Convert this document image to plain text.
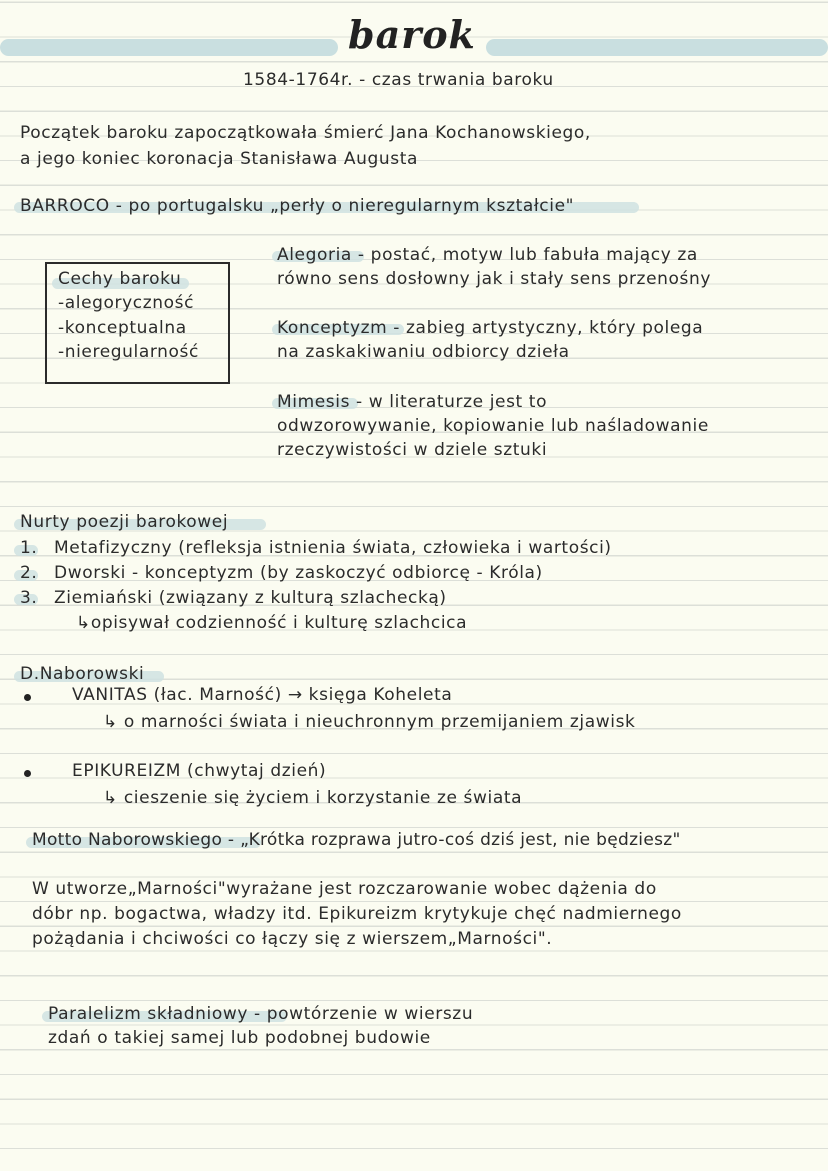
barok
1584-1764r. - czas trwania baroku
Początek baroku zapoczątkowała śmierć Jana Kochanowskiego,
a jego koniec koronacja Stanisława Augusta
BARROCO - po portugalsku „perły o nieregularnym kształcie"
Cechy baroku
-alegoryczność
-konceptualna
-nieregularność
Alegoria - postać, motyw lub fabuła mający za
równo sens dosłowny jak i stały sens przenośny
Konceptyzm - zabieg artystyczny, który polega
na zaskakiwaniu odbiorcy dzieła
Mimesis - w literaturze jest to
odwzorowywanie, kopiowanie lub naśladowanie
rzeczywistości w dziele sztuki
Nurty poezji barokowej
1. Metafizyczny (refleksja istnienia świata, człowieka i wartości)
2. Dworski - konceptyzm (by zaskoczyć odbiorcę - Króla)
3. Ziemiański (związany z kulturą szlachecką)
↳opisywał codzienność i kulturę szlachcica
D.Naborowski
VANITAS (łac. Marność) → księga Koheleta
↳ o marności świata i nieuchronnym przemijaniem zjawisk
EPIKUREIZM (chwytaj dzień)
↳ cieszenie się życiem i korzystanie ze świata
Motto Naborowskiego - „Krótka rozprawa jutro-coś dziś jest, nie będziesz"
W utworze„Marności"wyrażane jest rozczarowanie wobec dążenia do
dóbr np. bogactwa, władzy itd. Epikureizm krytykuje chęć nadmiernego
pożądania i chciwości co łączy się z wierszem„Marności".
Paralelizm składniowy - powtórzenie w wierszu
zdań o takiej samej lub podobnej budowie
